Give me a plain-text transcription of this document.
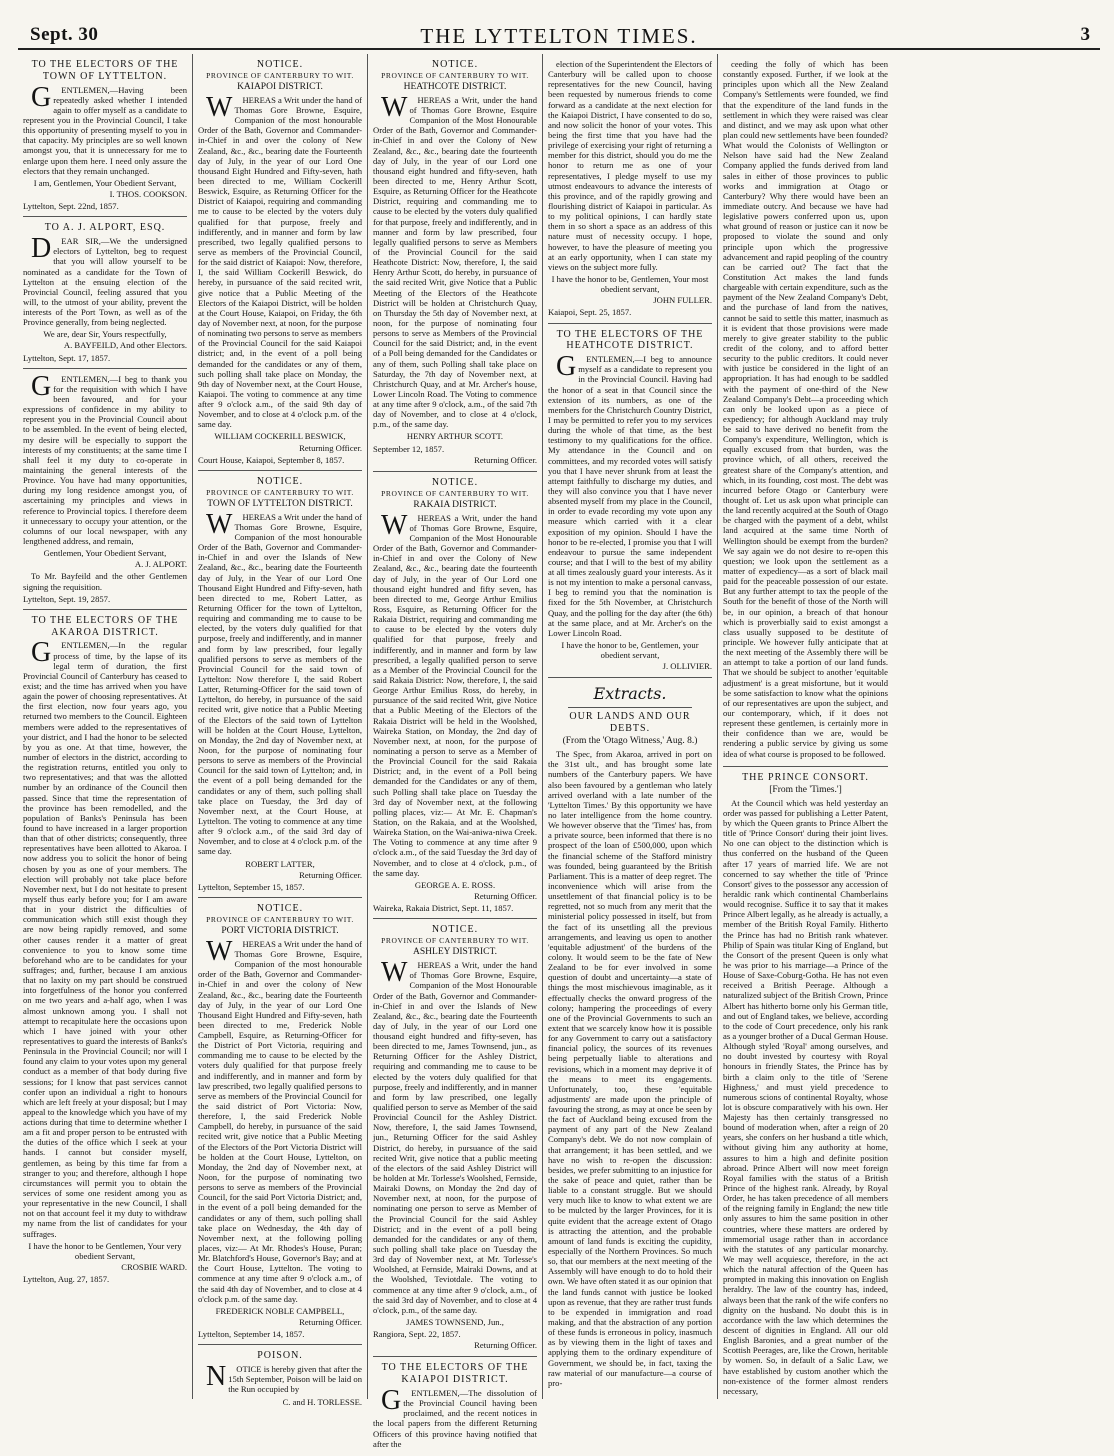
Sept. 30	THE LYTTELTON TIMES.	3
TO THE ELECTORS OF THE TOWN OF LYTTELTON.

GENTLEMEN,—Having been repeatedly asked whether I intended again to offer myself as a candidate to represent you in the Provincial Council, I take this opportunity of presenting myself to you in that capacity. My principles are so well known amongst you, that it is unnecessary for me to enlarge upon them here. I need only assure the electors that they remain unchanged.

I am, Gentlemen, Your Obedient Servant,
I. THOS. COOKSON.
Lyttelton, Sept. 22nd, 1857.
TO A. J. ALPORT, ESQ.

DEAR SIR,—We the undersigned electors of Lyttelton, beg to request that you will allow yourself to be nominated as a candidate for the Town of Lyttelton at the ensuing election of the Provincial Council, feeling assured that you will, to the utmost of your ability, prevent the interests of the Port Town, as well as of the Province generally, from being neglected.

We are, dear Sir, Yours respectfully,
A. BAYFEILD, And other Electors.
Lyttelton, Sept. 17, 1857.

GENTLEMEN,—I beg to thank you for the requisition with which I have been favoured, and for your expressions of confidence in my ability to represent you in the Provincial Council about to be assembled. In the event of being elected, my desire will be especially to support the interests of my constituents; at the same time I shall feel it my duty to co-operate in maintaining the general interests of the Province. You have had many opportunities, during my long residence amongst you, of ascertaining my principles and views in reference to Provincial topics. I therefore deem it unnecessary to occupy your attention, or the columns of our local newspaper, with any lengthened address, and remain,

Gentlemen, Your Obedient Servant,
A. J. ALPORT.

To Mr. Bayfeild and the other Gentlemen signing the requisition.

Lyttelton, Sept. 19, 2857.
TO THE ELECTORS OF THE AKAROA DISTRICT.

GENTLEMEN,—In the regular process of time, by the lapse of its legal term of duration, the first Provincial Council of Canterbury has ceased to exist; and the time has arrived when you have again the power of choosing representatives. At the first election, now four years ago, you returned two members to the Council. Eighteen members were added to the representatives of your district, and I had the honor to be selected by you as one. At that time, however, the number of electors in the district, according to the registration returns, entitled you only to two representatives; and that was the allotted number by an ordinance of the Council then passed. Since that time the representation of the province has been remodelled, and the population of Banks's Peninsula has been found to have increased in a larger proportion than that of other districts; consequently, three representatives have been allotted to Akaroa. I now address you to solicit the honor of being chosen by you as one of your members. The election will probably not take place before November next, but I do not hesitate to present myself thus early before you; for I am aware that in your district the difficulties of communication which still exist though they are now being rapidly removed, and some other causes render it a matter of great convenience to you to know some time beforehand who are to be candidates for your suffrages; and, further, because I am anxious that no laxity on my part should be construed into forgetfulness of the honor you conferred on me two years and a-half ago, when I was almost unknown among you. I shall not attempt to recapitulate here the occasions upon which I have joined with your other representatives to guard the interests of Banks's Peninsula in the Provincial Council; nor will I found any claim to your votes upon my general conduct as a member of that body during five sessions; for I know that past services cannot confer upon an individual a right to honours which are left freely at your disposal; but I may appeal to the knowledge which you have of my actions during that time to determine whether I am a fit and proper person to be entrusted with the duties of the office which I seek at your hands. I cannot but consider myself, gentlemen, as being by this time far from a stranger to you; and therefore, although I hope circumstances will permit you to obtain the services of some one resident among you as your representative in the new Council, I shall not on that account feel it my duty to withdraw my name from the list of candidates for your suffrages.

I have the honor to be Gentlemen, Your very obedient Servant,
CROSBIE WARD.
Lyttelton, Aug. 27, 1857.
NOTICE.
PROVINCE OF CANTERBURY TO WIT.
KAIAPOI DISTRICT.

WHEREAS a Writ under the hand of Thomas Gore Browne, Esquire, Companion of the most honourable Order of the Bath, Governor and Commander-in-Chief in and over the colony of New Zealand, &c., &c., bearing date the Fourteenth day of July, in the year of our Lord One thousand Eight Hundred and Fifty-seven, hath been directed to me, William Cockerill Beswick, Esquire, as Returning Officer for the District of Kaiapoi, requiring and commanding me to cause to be elected by the voters duly qualified for that purpose, freely and indifferently, and in manner and form by law prescribed, two legally qualified persons to serve as members of the Provincial Council, for the said district of Kaiapoi: Now, therefore, I, the said William Cockerill Beswick, do hereby, in pursuance of the said recited writ, give notice that a Public Meeting of the Electors of the Kaiapoi District, will be holden at the Court House, Kaiapoi, on Friday, the 6th day of November next, at noon, for the purpose of nominating two persons to serve as members of the Provincial Council for the said Kaiapoi district; and, in the event of a poll being demanded for the candidates or any of them, such polling shall take place on Monday, the 9th day of November next, at the Court House, Kaiapoi. The voting to commence at any time after 9 o'clock a.m., of the said 9th day of November, and to close at 4 o'clock p.m. of the same day.

WILLIAM COCKERILL BESWICK,
Returning Officer.
Court House, Kaiapoi, September 8, 1857.
NOTICE.
PROVINCE OF CANTERBURY TO WIT.
TOWN OF LYTTELTON DISTRICT.

WHEREAS a Writ under the hand of Thomas Gore Browne, Esquire, Companion of the most honourable Order of the Bath, Governor and Commander-in-Chief in and over the Islands of New Zealand, &c., &c., bearing date the Fourteenth day of July, in the Year of our Lord One Thousand Eight Hundred and Fifty-seven, hath been directed to me, Robert Latter, as Returning Officer for the town of Lyttelton, requiring and commanding me to cause to be elected, by the voters duly qualified for that purpose, freely and indifferently, and in manner and form by law prescribed, four legally qualified persons to serve as members of the Provincial Council for the said town of Lyttelton: Now therefore I, the said Robert Latter, Returning-Officer for the said town of Lyttelton, do hereby, in pursuance of the said recited writ, give notice that a Public Meeting of the Electors of the said town of Lyttelton will be holden at the Court House, Lyttelton, on Monday, the 2nd day of November next, at Noon, for the purpose of nominating four persons to serve as members of the Provincial Council for the said town of Lyttelton; and, in the event of a poll being demanded for the candidates or any of them, such polling shall take place on Tuesday, the 3rd day of November next, at the Court House, at Lyttelton. The voting to commence at any time after 9 o'clock a.m., of the said 3rd day of November, and to close at 4 o'clock p.m. of the same day.

ROBERT LATTER,
Returning Officer.
Lyttelton, September 15, 1857.
NOTICE.
PROVINCE OF CANTERBURY TO WIT.
PORT VICTORIA DISTRICT.

WHEREAS a Writ under the hand of Thomas Gore Browne, Esquire, Companion of the most honourable order of the Bath, Governor and Commander-in-Chief in and over the colony of New Zealand, &c., &c., bearing date the Fourteenth day of July, in the year of our Lord One Thousand Eight Hundred and Fifty-seven, hath been directed to me, Frederick Noble Campbell, Esquire, as Returning-Officer for the District of Port Victoria, requiring and commanding me to cause to be elected by the voters duly qualified for that purpose freely and indifferently, and in manner and form by law prescribed, two legally qualified persons to serve as members of the Provincial Council for the said district of Port Victoria: Now, therefore, I, the said Frederick Noble Campbell, do hereby, in pursuance of the said recited writ, give notice that a Public Meeting of the Electors of the Port Victoria District will be holden at the Court House, Lyttelton, on Monday, the 2nd day of November next, at Noon, for the purpose of nominating two persons to serve as members of the Provincial Council, for the said Port Victoria District; and, in the event of a poll being demanded for the candidates or any of them, such polling shall take place on Wednesday, the 4th day of November next, at the following polling places, viz:— At Mr. Rhodes's House, Puran; Mr. Blatchford's House, Governor's Bay; and at the Court House, Lyttelton. The voting to commence at any time after 9 o'clock a.m., of the said 4th day of November, and to close at 4 o'clock p.m. of the same day.

FREDERICK NOBLE CAMPBELL,
Returning Officer.
Lyttelton, September 14, 1857.
POISON.

NOTICE is hereby given that after the 15th September, Poison will be laid on the Run occupied by

C. and H. TORLESSE.
NOTICE.
PROVINCE OF CANTERBURY TO WIT.
HEATHCOTE DISTRICT.

WHEREAS a Writ, under the hand of Thomas Gore Browne, Esquire Companion of the Most Honourable Order of the Bath, Governor and Commander-in-Chief in and over the Colony of New Zealand, &c., &c., bearing date the fourteenth day of July, in the year of our Lord one thousand eight hundred and fifty-seven, hath been directed to me, Henry Arthur Scott, Esquire, as Returning Officer for the Heathcote District, requiring and commanding me to cause to be elected by the voters duly qualified for that purpose, freely and indifferently, and in manner and form by law prescribed, four legally qualified persons to serve as Members of the Provincial Council for the said Heathcote District: Now, therefore, I, the said Henry Arthur Scott, do hereby, in pursuance of the said recited Writ, give Notice that a Public Meeting of the Electors of the Heathcote District will be holden at Christchurch Quay, on Thursday the 5th day of November next, at noon, for the purpose of nominating four persons to serve as Members of the Provincial Council for the said District; and, in the event of a Poll being demanded for the Candidates or any of them, such Polling shall take place on Saturday, the 7th day of November next, at Christchurch Quay, and at Mr. Archer's house, Lower Lincoln Road. The Voting to commence at any time after 9 o'clock, a.m., of the said 7th day of November, and to close at 4 o'clock, p.m., of the same day.

HENRY ARTHUR SCOTT.
September 12, 1857.
Returning Officer.
NOTICE.
PROVINCE OF CANTERBURY TO WIT.
RAKAIA DISTRICT.

WHEREAS a Writ, under the hand of Thomas Gore Browne, Esquire, Companion of the Most Honourable Order of the Bath, Governor and Commander-in-Chief in and over the Colony of New Zealand, &c., &c., bearing date the fourteenth day of July, in the year of Our Lord one thousand eight hundred and fifty seven, has been directed to me, George Arthur Emilius Ross, Esquire, as Returning Officer for the Rakaia District, requiring and commanding me to cause to be elected by the voters duly qualified for that purpose, freely and indifferently, and in manner and form by law prescribed, a legally qualified person to serve as a Member of the Provincial Council for the said Rakaia District: Now, therefore, I, the said George Arthur Emilius Ross, do hereby, in pursuance of the said recited Writ, give Notice that a Public Meeting of the Electors of the Rakaia District will be held in the Woolshed, Waireka Station, on Monday, the 2nd day of November next, at noon, for the purpose of nominating a person to serve as a Member of the Provincial Council for the said Rakaia District; and, in the event of a Poll being demanded for the Candidates or any of them, such Polling shall take place on Tuesday the 3rd day of November next, at the following polling places, viz:— At Mr. E. Chapman's Station, on the Rakaia, and at the Woolshed, Waireka Station, on the Wai-aniwa-niwa Creek. The Voting to commence at any time after 9 o'clock a.m., of the said Tuesday the 3rd day of November, and to close at 4 o'clock, p.m., of the same day.

GEORGE A. E. ROSS.
Returning Officer.
Waireka, Rakaia District, Sept. 11, 1857.
NOTICE.
PROVINCE OF CANTERBURY TO WIT.
ASHLEY DISTRICT.

WHEREAS a Writ, under the hand of Thomas Gore Browne, Esquire, Companion of the Most Honourable Order of the Bath, Governor and Commander-in-Chief in and over the Islands of New Zealand, &c., &c., bearing date the Fourteenth day of July, in the year of our Lord one thousand eight hundred and fifty-seven, has been directed to me, James Townsend, jun., as Returning Officer for the Ashley District, requiring and commanding me to cause to be elected by the voters duly qualified for that purpose, freely and indifferently, and in manner and form by law prescribed, one legally qualified person to serve as Member of the said Provincial Council for the Ashley District. Now, therefore, I, the said James Townsend, jun., Returning Officer for the said Ashley District, do hereby, in pursuance of the said recited Writ, give notice that a public meeting of the electors of the said Ashley District will be holden at Mr. Torlesse's Woolshed, Fernside, Mairaki Downs, on Monday the 2nd day of November next, at noon, for the purpose of nominating one person to serve as Member of the Provincial Council for the said Ashley District; and in the event of a poll being demanded for the candidates or any of them, such polling shall take place on Tuesday the 3rd day of November next, at Mr. Torlesse's Woolshed, at Fernside, Mairaki Downs, and at the Woolshed, Teviotdale. The voting to commence at any time after 9 o'clock, a.m., of the said 3rd day of November, and to close at 4 o'clock, p.m., of the same day.

JAMES TOWNSEND, Jun.,
Rangiora, Sept. 22, 1857.
Returning Officer.
TO THE ELECTORS OF THE KAIAPOI DISTRICT.

GENTLEMEN,—The dissolution of the Provincial Council having been proclaimed, and the recent notices in the local papers from the different Returning Officers of this province having notified that after the

election of the Superintendent the Electors of Canterbury will be called upon to choose representatives for the new Council, having been requested by numerous friends to come forward as a candidate at the next election for the Kaiapoi District, I have consented to do so, and now solicit the honor of your votes. This being the first time that you have had the privilege of exercising your right of returning a member for this district, should you do me the honor to return me as one of your representatives, I pledge myself to use my utmost endeavours to advance the interests of this province, and of the rapidly growing and flourishing district of Kaiapoi in particular. As to my political opinions, I can hardly state them in so short a space as an address of this nature must of necessity occupy. I hope, however, to have the pleasure of meeting you at an early opportunity, when I can state my views on the subject more fully.

I have the honor to be, Gentlemen, Your most obedient servant,
JOHN FULLER.
Kaiapoi, Sept. 25, 1857.
TO THE ELECTORS OF THE HEATHCOTE DISTRICT.

GENTLEMEN,—I beg to announce myself as a candidate to represent you in the Provincial Council. Having had the honor of a seat in that Council since the extension of its numbers, as one of the members for the Christchurch Country District, I may be permitted to refer you to my services during the whole of that time, as the best testimony to my qualifications for the office. My attendance in the Council and on committees, and my recorded votes will satisfy you that I have never shrunk from at least the attempt faithfully to discharge my duties, and they will also convince you that I have never absented myself from my place in the Council, in order to evade recording my vote upon any measure which carried with it a clear exposition of my opinion. Should I have the honor to be re-elected, I promise you that I will endeavour to pursue the same independent course; and that I will to the best of my ability at all times zealously guard your interests. As it is not my intention to make a personal canvass, I beg to remind you that the nomination is fixed for the 5th November, at Christchurch Quay, and the polling for the day after (the 6th) at the same place, and at Mr. Archer's on the Lower Lincoln Road.

I have the honor to be, Gentlemen, your obedient servant,
J. OLLIVIER.
Extracts.
OUR LANDS AND OUR DEBTS.
(From the 'Otago Witness,' Aug. 8.)

The Spec, from Akaroa, arrived in port on the 31st ult., and has brought some late numbers of the Canterbury papers. We have also been favoured by a gentleman who lately arrived overland with a late number of the 'Lyttelton Times.' By this opportunity we have no later intelligence from the home country. We however observe that the 'Times' has, from a private source, been informed that there is no prospect of the loan of £500,000, upon which the financial scheme of the Stafford ministry was founded, being guaranteed by the British Parliament. This is a matter of deep regret. The inconvenience which will arise from the unsettlement of that financial policy is to be regretted, not so much from any merit that the ministerial policy possessed in itself, but from the fact of its unsettling all the previous arrangements, and leaving us open to another 'equitable adjustment' of the burdens of the colony. It would seem to be the fate of New Zealand to be for ever involved in some question of doubt and uncertainty—a state of things the most mischievous imaginable, as it effectually checks the onward progress of the colony; hampering the proceedings of every one of the Provincial Governments to such an extent that we scarcely know how it is possible for any Government to carry out a satisfactory financial policy, the sources of its revenues being perpetually liable to alterations and revisions, which in a moment may deprive it of the means to meet its engagements. Unfortunately, too, these 'equitable adjustments' are made upon the principle of favouring the strong, as may at once be seen by the fact of Auckland being excused from the payment of any part of the New Zealand Company's debt. We do not now complain of that arrangement; it has been settled, and we have no wish to re-open the discussion: besides, we prefer submitting to an injustice for the sake of peace and quiet, rather than be liable to a constant struggle. But we should very much like to know to what extent we are to be mulcted by the larger Provinces, for it is quite evident that the acreage extent of Otago is attracting the attention, and the probable amount of land funds is exciting the cupidity, especially of the Northern Provinces. So much so, that our members at the next meeting of the Assembly will have enough to do to hold their own. We have often stated it as our opinion that the land funds cannot with justice be looked upon as revenue, that they are rather trust funds to be expended in immigration and road making, and that the abstraction of any portion of these funds is erroneous in policy, inasmuch as by viewing them in the light of taxes and applying them to the ordinary expenditure of Government, we should be, in fact, taxing the raw material of our manufacture—a course of pro-

ceeding the folly of which has been constantly exposed. Further, if we look at the principles upon which all the New Zealand Company's Settlements were founded, we find that the expenditure of the land funds in the settlement in which they were raised was clear and distinct, and we may ask upon what other plan could new settlements have been founded? What would the Colonists of Wellington or Nelson have said had the New Zealand Company applied the funds derived from land sales in either of those provinces to public works and immigration at Otago or Canterbury? Why there would have been an immediate outcry. And because we have had legislative powers conferred upon us, upon what ground of reason or justice can it now be proposed to violate the sound and only principle upon which the progressive advancement and rapid peopling of the country can be carried out? The fact that the Constitution Act makes the land funds chargeable with certain expenditure, such as the payment of the New Zealand Company's Debt, and the purchase of land from the natives, cannot be said to settle this matter, inasmuch as it is evident that those provisions were made merely to give greater stability to the public credit of the colony, and to afford better security to the public creditors. It could never with justice be considered in the light of an appropriation. It has had enough to be saddled with the payment of one-third of the New Zealand Company's Debt—a proceeding which can only be looked upon as a piece of expediency; for although Auckland may truly be said to have derived no benefit from the Company's expenditure, Wellington, which is equally excused from that burden, was the province which, of all others, received the greatest share of the Company's attention, and which, in its founding, cost most. The debt was incurred before Otago or Canterbury were thought of. Let us ask upon what principle can the land recently acquired at the South of Otago be charged with the payment of a debt, whilst land acquired at the same time North of Wellington should be exempt from the burden? We say again we do not desire to re-open this question; we look upon the settlement as a matter of expediency—as a sort of black mail paid for the peaceable possession of our estate. But any further attempt to tax the people of the South for the benefit of those of the North will be, in our opinion, a breach of that honour which is proverbially said to exist amongst a class usually supposed to be destitute of principle. We however fully anticipate that at the next meeting of the Assembly there will be an attempt to take a portion of our land funds. That we should be subject to another 'equitable adjustment' is a great misfortune, but it would be some satisfaction to know what the opinions of our representatives are upon the subject, and our contemporary, which, if it does not represent these gentlemen, is certainly more in their confidence than we are, would be rendering a public service by giving us some idea of what course is proposed to be followed.

THE PRINCE CONSORT.
[From the 'Times.']

At the Council which was held yesterday an order was passed for publishing a Letter Patent, by which the Queen grants to Prince Albert the title of 'Prince Consort' during their joint lives. No one can object to the distinction which is thus conferred on the husband of the Queen after 17 years of married life. We are not concerned to say whether the title of 'Prince Consort' gives to the possessor any accession of heraldic rank which continental Chamberlains would recognise. Suffice it to say that it makes Prince Albert legally, as he already is actually, a member of the British Royal Family. Hitherto the Prince has had no British rank whatever. Philip of Spain was titular King of England, but the Consort of the present Queen is only what he was prior to his marriage—a Prince of the House of Saxe-Coburg-Gotha. He has not even received a British Peerage. Although a naturalized subject of the British Crown, Prince Albert has hitherto borne only his German title, and out of England takes, we believe, according to the code of Court precedence, only his rank as a younger brother of a Ducal German House. Although styled 'Royal' among ourselves, and no doubt invested by courtesy with Royal honours in friendly States, the Prince has by birth a claim only to the title of 'Serene Highness,' and must yield precedence to numerous scions of continental Royalty, whose lot is obscure comparatively with his own. Her Majesty has then certainly transgressed no bound of moderation when, after a reign of 20 years, she confers on her husband a title which, without giving him any authority at home, assures to him a high and definite position abroad. Prince Albert will now meet foreign Royal families with the status of a British Prince of the highest rank. Already, by Royal Order, he has taken precedence of all members of the reigning family in England; the new title only assures to him the same position in other countries, where these matters are ordered by immemorial usage rather than in accordance with the statutes of any particular monarchy. We may well acquiesce, therefore, in the act which the natural affection of the Queen has prompted in making this innovation on English heraldry. The law of the country has, indeed, always been that the rank of the wife confers no dignity on the husband. No doubt this is in accordance with the law which determines the descent of dignities in England. All our old English Baronies, and a great number of the Scottish Peerages, are, like the Crown, heritable by women. So, in default of a Salic Law, we have established by custom another which the non-existence of the former almost renders necessary,
